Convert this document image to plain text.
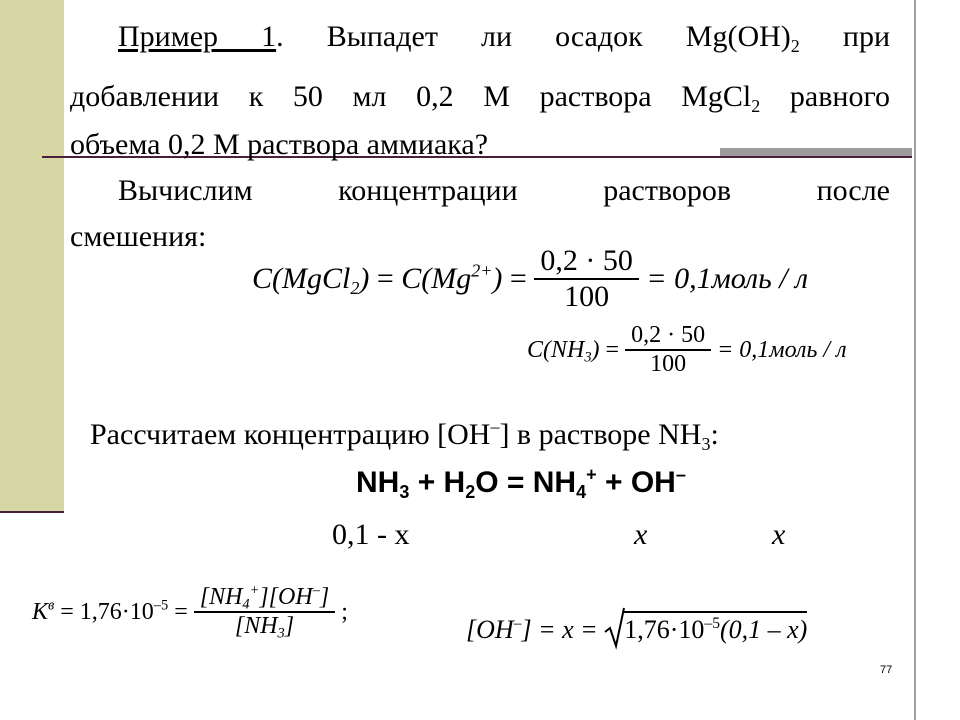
Пример 1. Выпадет ли осадок $Mg(OH)_2$ при
добавлении к 50 мл 0,2 М раствора MgCl$_2$ равного
объема 0,2 М раствора аммиака?
Вычислим концентрации растворов после
смешения:
C(MgCl$_2$) = $C(Mg^{2+}) = \frac{0,2 \cdot 50}{100}$ = 0,1моль / л
$C(NH_3) = \frac{0,2 \cdot 50}{100}$ = 0,1моль / л
Рассчитаем концентрацию [OH–] в растворе $NH_3$:
$NH_3 + H_2O = NH_4^+ + OH^-$
0,1 - x	x	x
$K^в = 1,76\cdot 10^{-5} = \frac{[NH_4^+][OH^-]}{[NH_3]}$ ;
$[OH^-] = x = 1,76\cdot 10^{-5}(0,1 - x)$
77
